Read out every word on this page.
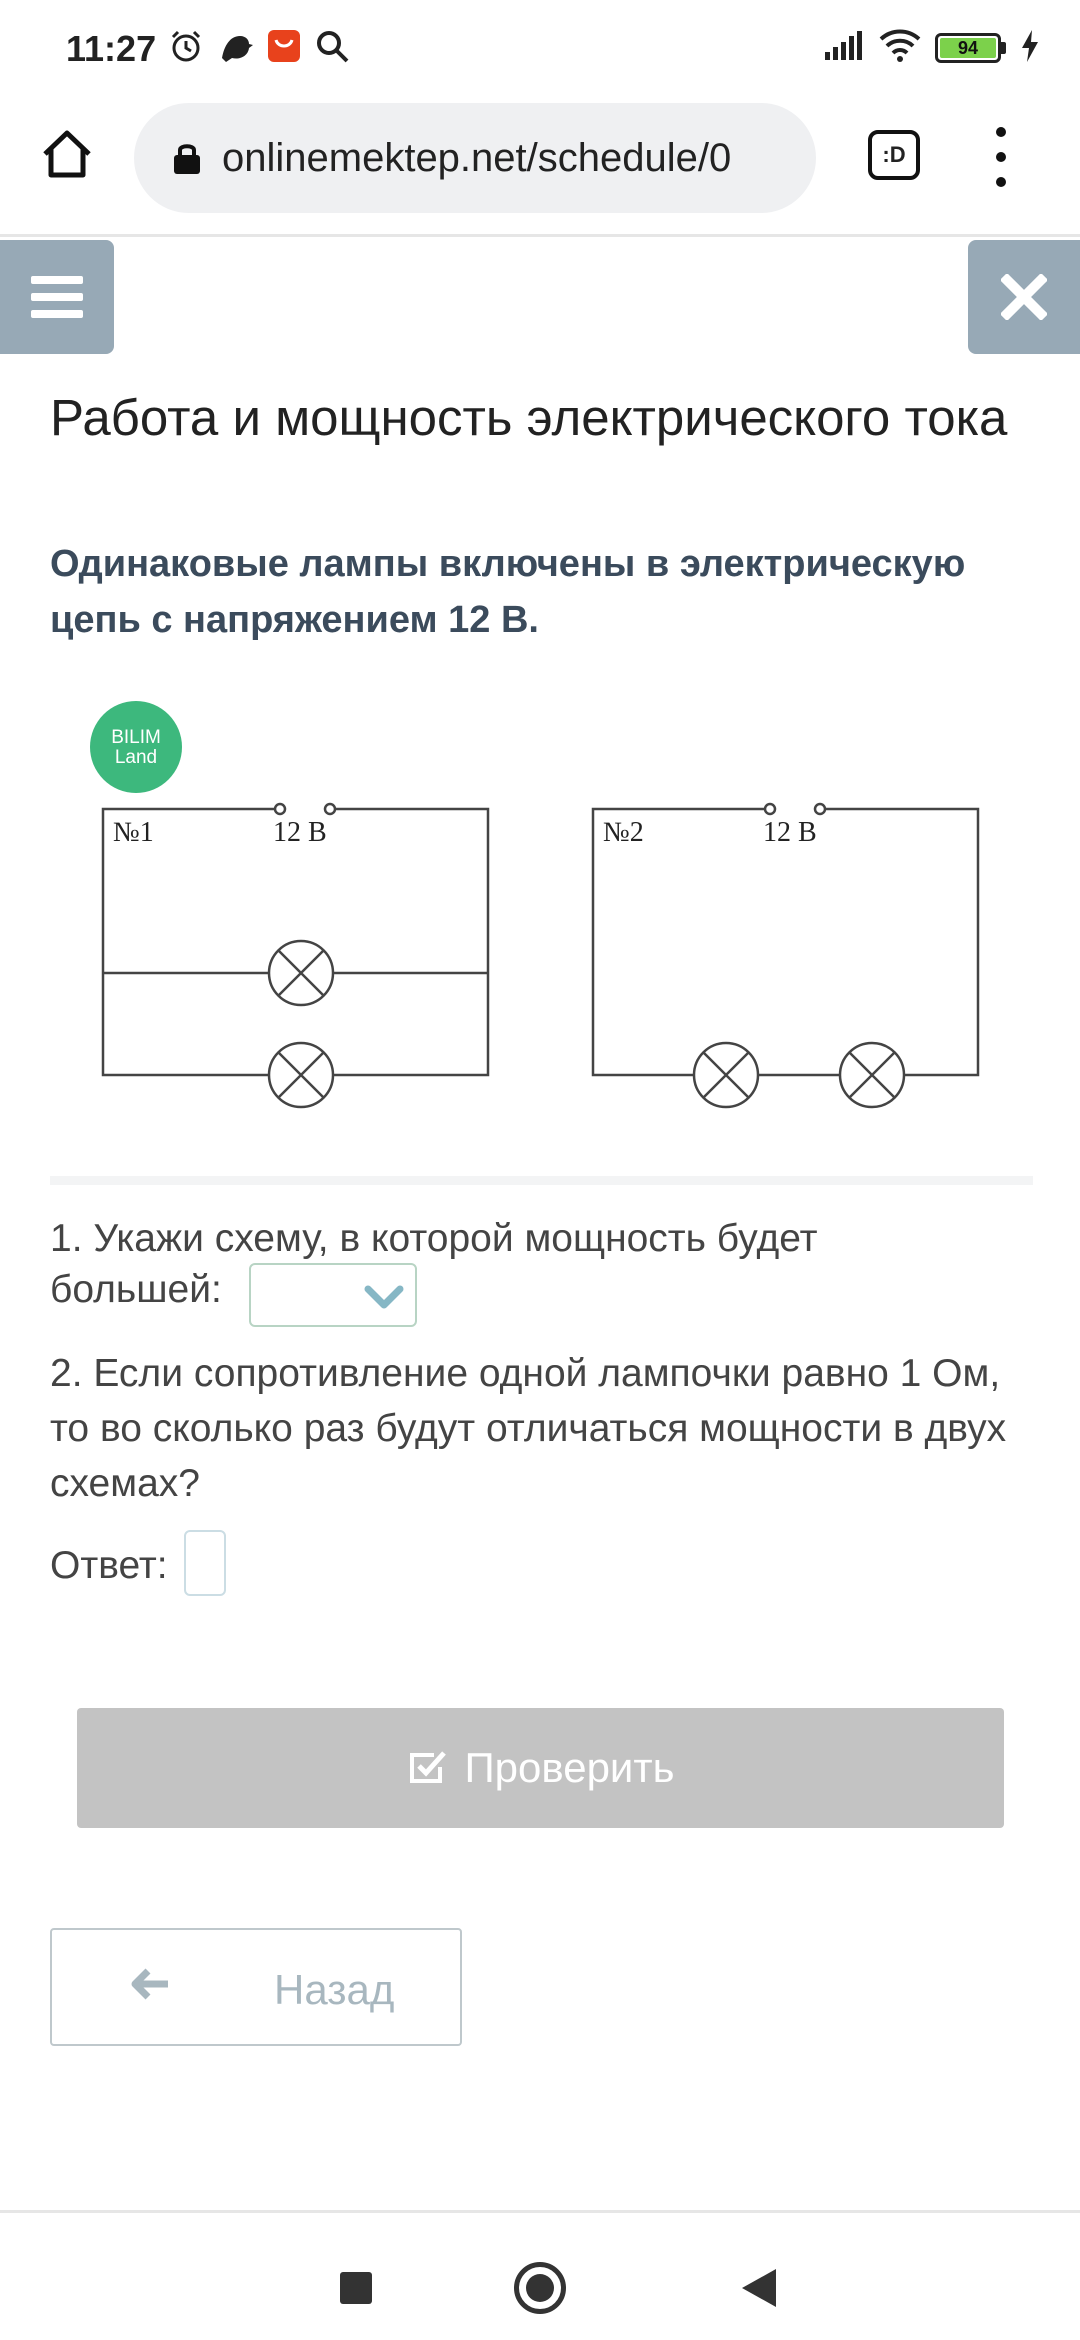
11:27	94
onlinemektep.net/schedule/0	:D
Работа и мощность электрического тока
Одинаковые лампы включены в электрическую цепь с напряжением 12 В.
BILIM
Land
№1	12 В	№2	12 В
1. Укажи схему, в которой мощность будет
большей:
2. Если сопротивление одной лампочки равно 1 Ом, то во сколько раз будут отличаться мощности в двух схемах?
Ответ:
Проверить
Назад
